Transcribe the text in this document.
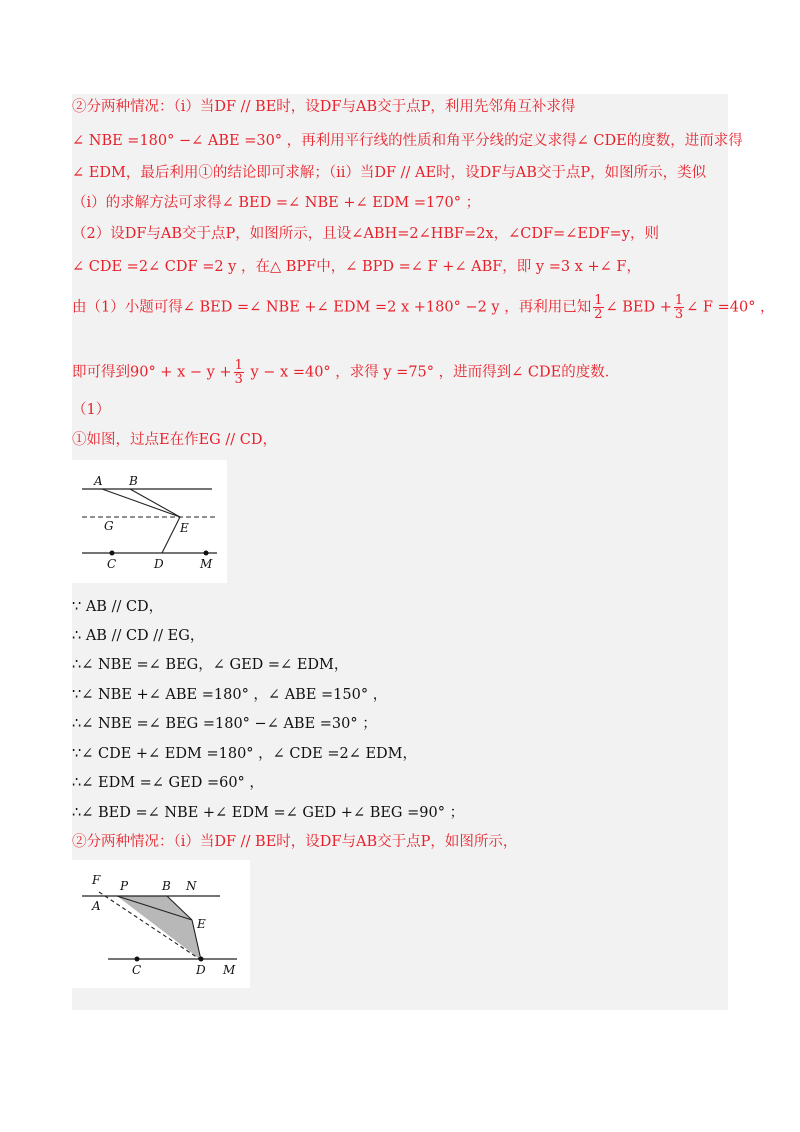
②分两种情况：（i）当DF // BE时，设DF与AB交于点P，利用先邻角互补求得
∠ NBE =180° −∠ ABE =30° ，再利用平行线的性质和角平分线的定义求得∠ CDE的度数，进而求得
∠ EDM，最后利用①的结论即可求解；（ii）当DF // AE时，设DF与AB交于点P，如图所示，类似
（i）的求解方法可求得∠ BED =∠ NBE +∠ EDM =170° ；
（2）设DF与AB交于点P，如图所示，且设∠ABH=2∠HBF=2x，∠CDF=∠EDF=y，则
∠ CDE =2∠ CDF =2 y ，在△ BPF中，∠ BPD =∠ F +∠ ABF，即 y =3 x +∠ F，
由（1）小题可得∠ BED =∠ NBE +∠ EDM =2 x +180° −2 y ，再利用已知 $\frac{1}{2}$ ∠ BED + $\frac{1}{3}$ ∠ F =40° ，
即可得到$90^\circ + x - y + \frac{1}{3}$ y − x =40° ，求得 y =75° ，进而得到∠ CDE的度数．
（1）
①如图，过点E在作EG // CD，
A B
G	E
C	D	M
∵ AB // CD，
∴ AB // CD // EG，
∴∠ NBE =∠ BEG，∠ GED =∠ EDM，
∵∠ NBE +∠ ABE =180° ，∠ ABE =150° ，
∴∠ NBE =∠ BEG =180° −∠ ABE =30° ；
∵∠ CDE +∠ EDM =180° ，∠ CDE =2∠ EDM，
∴∠ EDM =∠ GED =60° ，
∴∠ BED =∠ NBE +∠ EDM =∠ GED +∠ BEG =90° ；
②分两种情况：（i）当DF // BE时，设DF与AB交于点P，如图所示，
F P	B N
A
E
C	D M
